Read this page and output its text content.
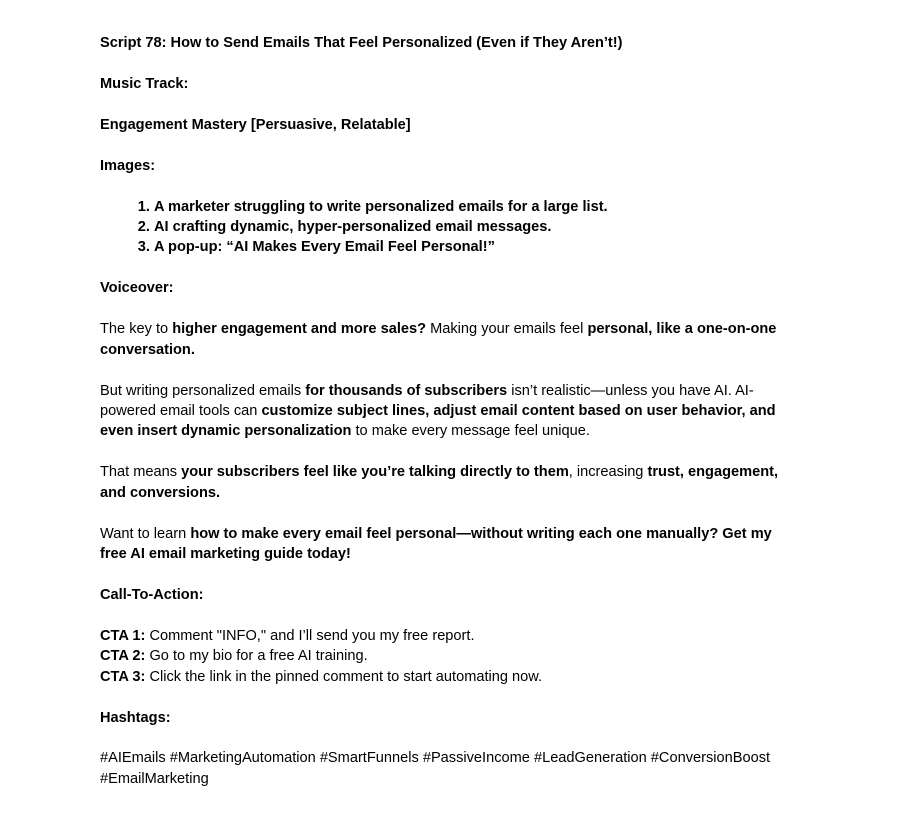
Script 78: How to Send Emails That Feel Personalized (Even if They Aren’t!)

Music Track:

Engagement Mastery [Persuasive, Relatable]

Images:

1. A marketer struggling to write personalized emails for a large list.
2. AI crafting dynamic, hyper-personalized email messages.
3. A pop-up: “AI Makes Every Email Feel Personal!”

Voiceover:

The key to higher engagement and more sales? Making your emails feel personal, like a one-on-one conversation.

But writing personalized emails for thousands of subscribers isn’t realistic—unless you have AI. AI-powered email tools can customize subject lines, adjust email content based on user behavior, and even insert dynamic personalization to make every message feel unique.

That means your subscribers feel like you’re talking directly to them, increasing trust, engagement, and conversions.

Want to learn how to make every email feel personal—without writing each one manually? Get my free AI email marketing guide today!

Call-To-Action:

CTA 1: Comment "INFO," and I’ll send you my free report.
CTA 2: Go to my bio for a free AI training.
CTA 3: Click the link in the pinned comment to start automating now.

Hashtags:

#AIEmails #MarketingAutomation #SmartFunnels #PassiveIncome #LeadGeneration #ConversionBoost #EmailMarketing
